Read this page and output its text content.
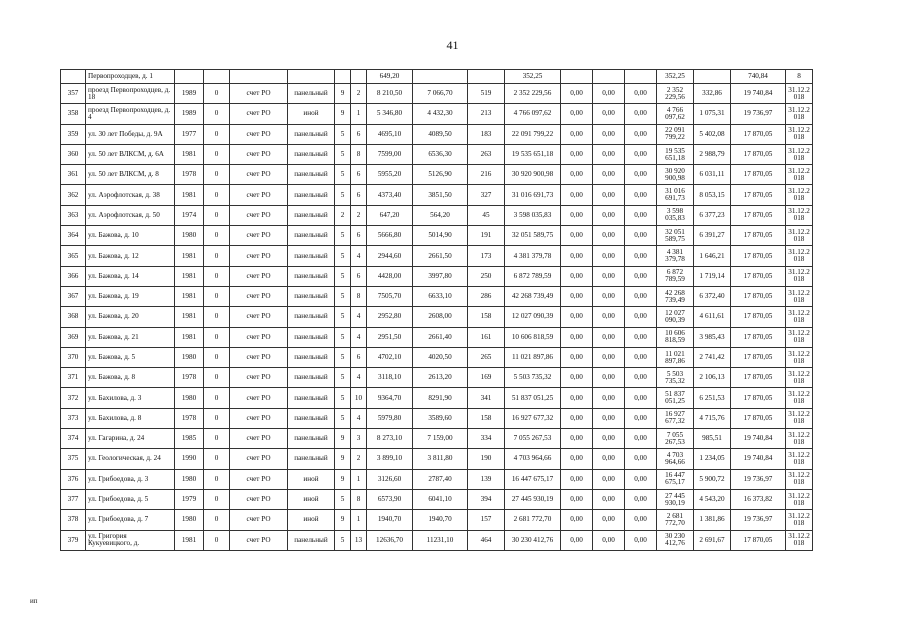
41
	Первопроходцев, д. 1							649,20			352,25				352,25		740,84	8
357	проезд Первопроходцев, д. 18	1989	0	счет РО	панельный	9	2	8 210,50	7 066,70	519	2 352 229,56	0,00	0,00	0,00	2 352 229,56	332,86	19 740,84	31.12.2018
358	проезд Первопроходцев, д. 4	1989	0	счет РО	иной	9	1	5 346,80	4 432,30	213	4 766 097,62	0,00	0,00	0,00	4 766 097,62	1 075,31	19 736,97	31.12.2018
359	ул. 30 лет Победы, д. 9А	1977	0	счет РО	панельный	5	6	4695,10	4089,50	183	22 091 799,22	0,00	0,00	0,00	22 091 799,22	5 402,08	17 870,05	31.12.2018
360	ул. 50 лет ВЛКСМ, д. 6А	1981	0	счет РО	панельный	5	8	7599,00	6536,30	263	19 535 651,18	0,00	0,00	0,00	19 535 651,18	2 988,79	17 870,05	31.12.2018
361	ул. 50 лет ВЛКСМ, д. 8	1978	0	счет РО	панельный	5	6	5955,20	5126,90	216	30 920 900,98	0,00	0,00	0,00	30 920 900,98	6 031,11	17 870,05	31.12.2018
362	ул. Аэрофлотская, д. 38	1981	0	счет РО	панельный	5	6	4373,40	3851,50	327	31 016 691,73	0,00	0,00	0,00	31 016 691,73	8 053,15	17 870,05	31.12.2018
363	ул. Аэрофлотская, д. 50	1974	0	счет РО	панельный	2	2	647,20	564,20	45	3 598 035,83	0,00	0,00	0,00	3 598 035,83	6 377,23	17 870,05	31.12.2018
364	ул. Бажова, д. 10	1980	0	счет РО	панельный	5	6	5666,80	5014,90	191	32 051 589,75	0,00	0,00	0,00	32 051 589,75	6 391,27	17 870,05	31.12.2018
365	ул. Бажова, д. 12	1981	0	счет РО	панельный	5	4	2944,60	2661,50	173	4 381 379,78	0,00	0,00	0,00	4 381 379,78	1 646,21	17 870,05	31.12.2018
366	ул. Бажова, д. 14	1981	0	счет РО	панельный	5	6	4428,00	3997,80	250	6 872 789,59	0,00	0,00	0,00	6 872 789,59	1 719,14	17 870,05	31.12.2018
367	ул. Бажова, д. 19	1981	0	счет РО	панельный	5	8	7505,70	6633,10	286	42 268 739,49	0,00	0,00	0,00	42 268 739,49	6 372,40	17 870,05	31.12.2018
368	ул. Бажова, д. 20	1981	0	счет РО	панельный	5	4	2952,80	2608,00	158	12 027 090,39	0,00	0,00	0,00	12 027 090,39	4 611,61	17 870,05	31.12.2018
369	ул. Бажова, д. 21	1981	0	счет РО	панельный	5	4	2951,50	2661,40	161	10 606 818,59	0,00	0,00	0,00	10 606 818,59	3 985,43	17 870,05	31.12.2018
370	ул. Бажова, д. 5	1980	0	счет РО	панельный	5	6	4702,10	4020,50	265	11 021 897,86	0,00	0,00	0,00	11 021 897,86	2 741,42	17 870,05	31.12.2018
371	ул. Бажова, д. 8	1978	0	счет РО	панельный	5	4	3118,10	2613,20	169	5 503 735,32	0,00	0,00	0,00	5 503 735,32	2 106,13	17 870,05	31.12.2018
372	ул. Бахилова, д. 3	1980	0	счет РО	панельный	5	10	9364,70	8291,90	341	51 837 051,25	0,00	0,00	0,00	51 837 051,25	6 251,53	17 870,05	31.12.2018
373	ул. Бахилова, д. 8	1978	0	счет РО	панельный	5	4	5979,80	3589,60	158	16 927 677,32	0,00	0,00	0,00	16 927 677,32	4 715,76	17 870,05	31.12.2018
374	ул. Гагарина, д. 24	1985	0	счет РО	панельный	9	3	8 273,10	7 159,00	334	7 055 267,53	0,00	0,00	0,00	7 055 267,53	985,51	19 740,84	31.12.2018
375	ул. Геологическая, д. 24	1990	0	счет РО	панельный	9	2	3 899,10	3 811,80	190	4 703 964,66	0,00	0,00	0,00	4 703 964,66	1 234,05	19 740,84	31.12.2018
376	ул. Грибоедова, д. 3	1980	0	счет РО	иной	9	1	3126,60	2787,40	139	16 447 675,17	0,00	0,00	0,00	16 447 675,17	5 900,72	19 736,97	31.12.2018
377	ул. Грибоедова, д. 5	1979	0	счет РО	иной	5	8	6573,90	6041,10	394	27 445 930,19	0,00	0,00	0,00	27 445 930,19	4 543,20	16 373,82	31.12.2018
378	ул. Грибоедова, д. 7	1980	0	счет РО	иной	9	1	1940,70	1940,70	157	2 681 772,70	0,00	0,00	0,00	2 681 772,70	1 381,86	19 736,97	31.12.2018
379	ул. Григория Кукуевицкого, д.	1981	0	счет РО	панельный	5	13	12636,70	11231,10	464	30 230 412,76	0,00	0,00	0,00	30 230 412,76	2 691,67	17 870,05	31.12.2018
ип
